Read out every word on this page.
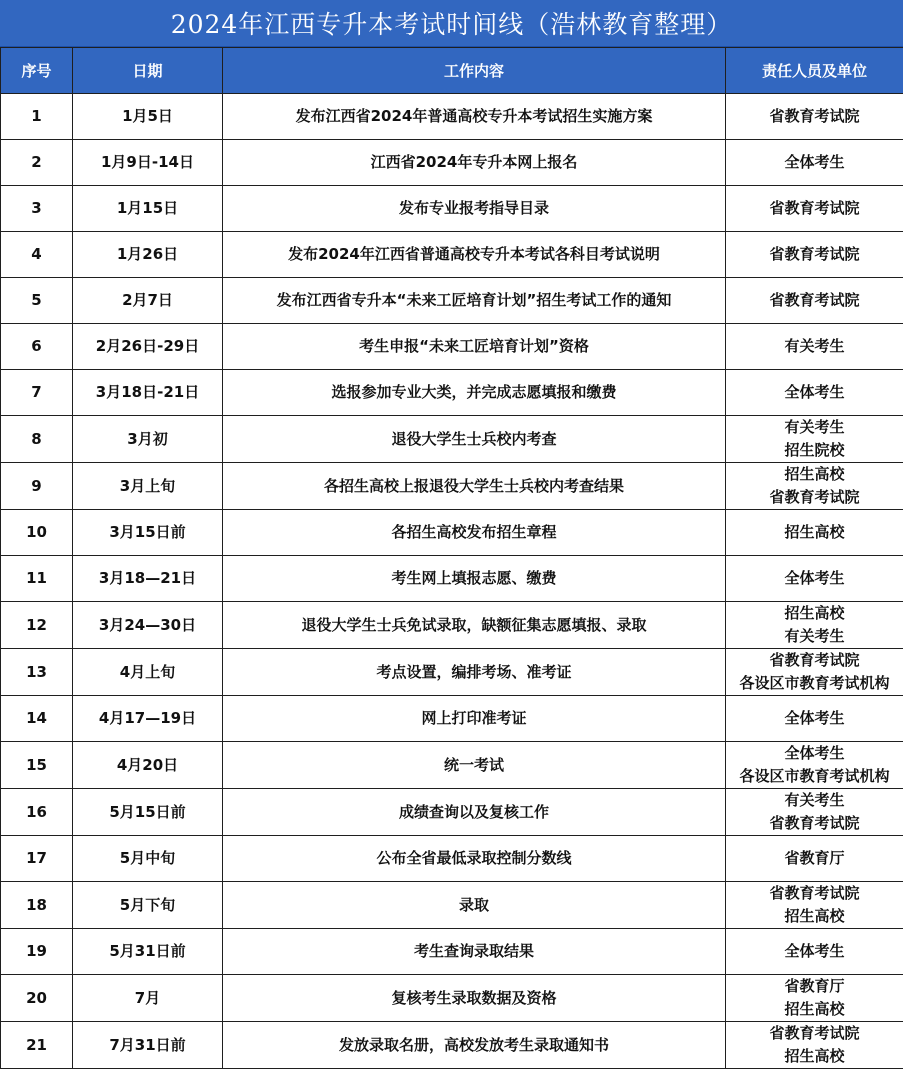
2024年江西专升本考试时间线（浩林教育整理）
序号	日期	工作内容	责任人员及单位
1	1月5日	发布江西省2024年普通高校专升本考试招生实施方案	省教育考试院

2	1月9日-14日	江西省2024年专升本网上报名	全体考生

3	1月15日	发布专业报考指导目录	省教育考试院

4	1月26日	发布2024年江西省普通高校专升本考试各科目考试说明	省教育考试院

5	2月7日	发布江西省专升本“未来工匠培育计划”招生考试工作的通知	省教育考试院

6	2月26日-29日	考生申报“未来工匠培育计划”资格	有关考生

7	3月18日-21日	选报参加专业大类，并完成志愿填报和缴费	全体考生

8	3月初	退役大学生士兵校内考查	有关考生
招生院校

9	3月上旬	各招生高校上报退役大学生士兵校内考查结果	招生高校
省教育考试院

10	3月15日前	各招生高校发布招生章程	招生高校

11	3月18—21日	考生网上填报志愿、缴费	全体考生

12	3月24—30日	退役大学生士兵免试录取，缺额征集志愿填报、录取	招生高校
有关考生

13	4月上旬	考点设置，编排考场、准考证	省教育考试院
各设区市教育考试机构

14	4月17—19日	网上打印准考证	全体考生

15	4月20日	统一考试	全体考生
各设区市教育考试机构

16	5月15日前	成绩查询以及复核工作	有关考生
省教育考试院

17	5月中旬	公布全省最低录取控制分数线	省教育厅

18	5月下旬	录取	省教育考试院
招生高校

19	5月31日前	考生查询录取结果	全体考生

20	7月	复核考生录取数据及资格	省教育厅
招生高校

21	7月31日前	发放录取名册，高校发放考生录取通知书	省教育考试院
招生高校
